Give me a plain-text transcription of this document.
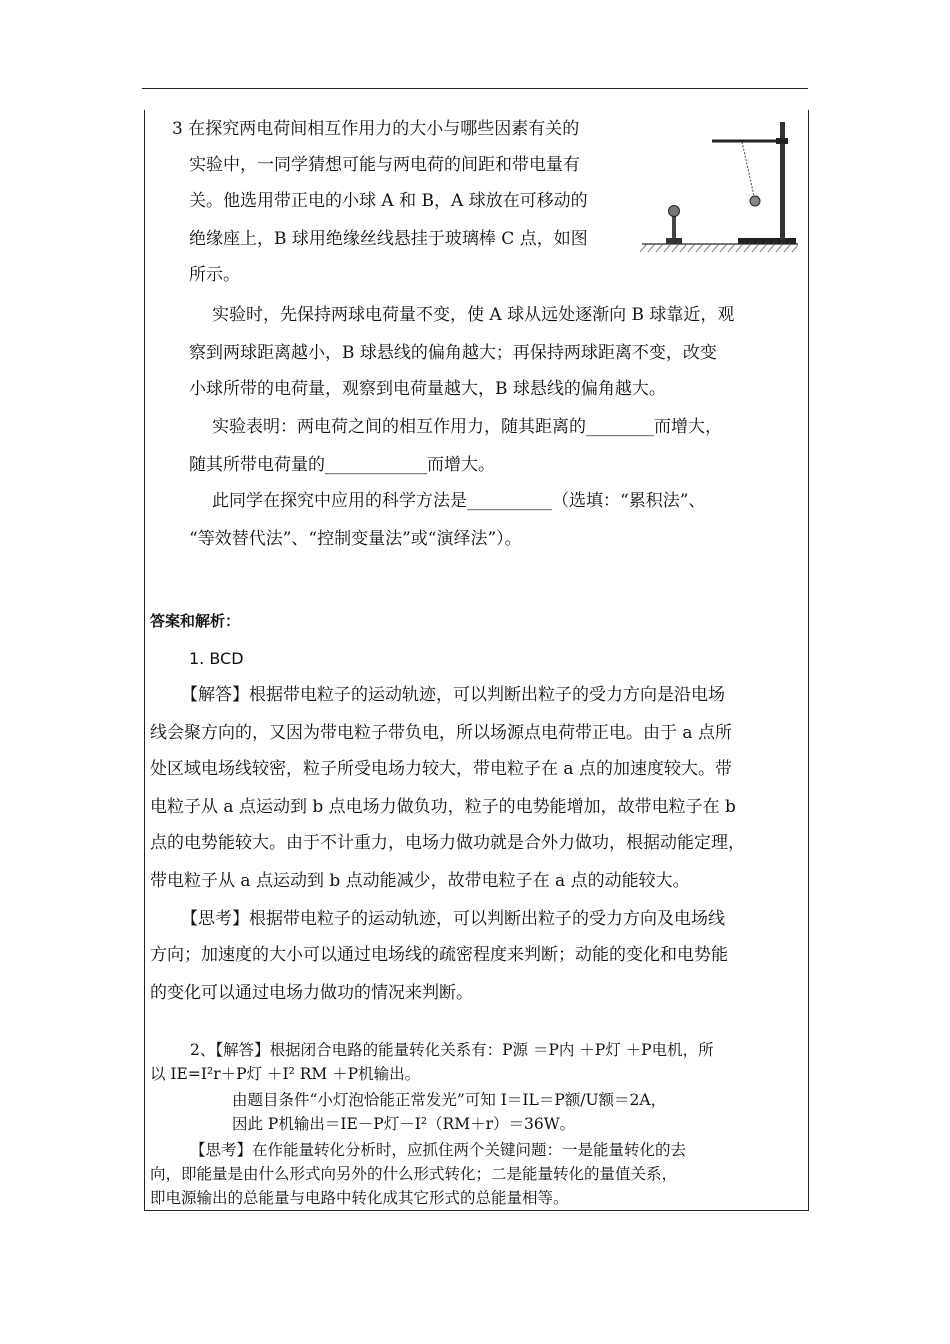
3 在探究两电荷间相互作用力的大小与哪些因素有关的
实验中，一同学猜想可能与两电荷的间距和带电量有
关。他选用带正电的小球 A 和 B，A 球放在可移动的
绝缘座上，B 球用绝缘丝线悬挂于玻璃棒 C 点，如图
所示。
实验时，先保持两球电荷量不变，使 A 球从远处逐渐向 B 球靠近，观
察到两球距离越小，B 球悬线的偏角越大；再保持两球距离不变，改变
小球所带的电荷量，观察到电荷量越大，B 球悬线的偏角越大。
实验表明：两电荷之间的相互作用力，随其距离的________而增大，
随其所带电荷量的____________而增大。
此同学在探究中应用的科学方法是__________（选填：“累积法”、
“等效替代法”、“控制变量法”或“演绎法”）。
答案和解析：
1. BCD
【解答】根据带电粒子的运动轨迹，可以判断出粒子的受力方向是沿电场
线会聚方向的，又因为带电粒子带负电，所以场源点电荷带正电。由于 a 点所
处区域电场线较密，粒子所受电场力较大，带电粒子在 a 点的加速度较大。带
电粒子从 a 点运动到 b 点电场力做负功，粒子的电势能增加，故带电粒子在 b
点的电势能较大。由于不计重力，电场力做功就是合外力做功，根据动能定理，
带电粒子从 a 点运动到 b 点动能减少，故带电粒子在 a 点的动能较大。
【思考】根据带电粒子的运动轨迹，可以判断出粒子的受力方向及电场线
方向；加速度的大小可以通过电场线的疏密程度来判断；动能的变化和电势能
的变化可以通过电场力做功的情况来判断。
2、【解答】根据闭合电路的能量转化关系有：P源 ＝P内 ＋P灯 ＋P电机，所
以 IE=I²r＋P灯 ＋I² RM ＋P机输出。
由题目条件“小灯泡恰能正常发光”可知 I＝IL＝P额/U额＝2A，
因此 P机输出＝IE－P灯－I²（RM＋r）＝36W。
【思考】在作能量转化分析时，应抓住两个关键问题：一是能量转化的去
向，即能量是由什么形式向另外的什么形式转化；二是能量转化的量值关系，
即电源输出的总能量与电路中转化成其它形式的总能量相等。
